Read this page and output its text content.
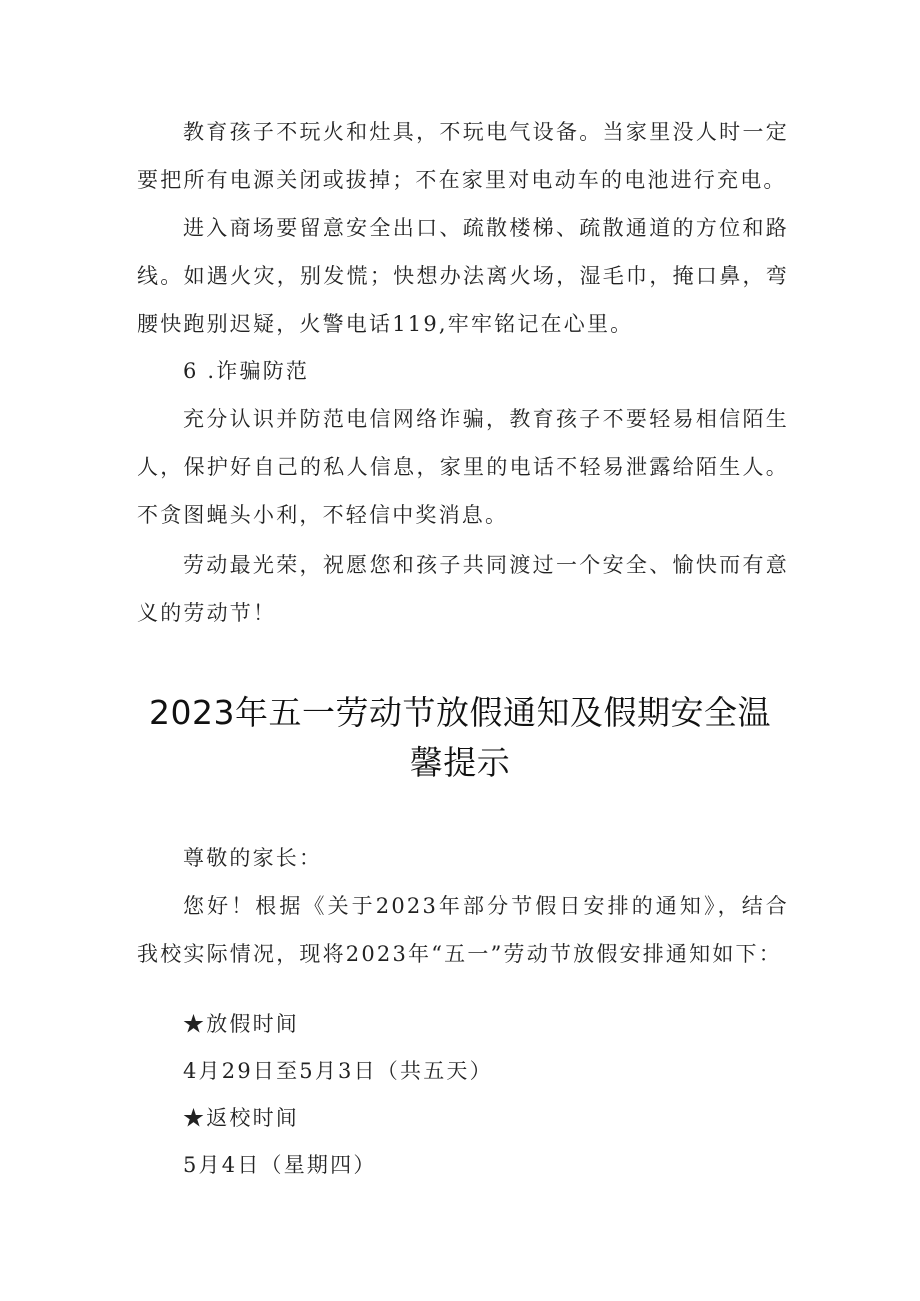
教育孩子不玩火和灶具，不玩电气设备。当家里没人时一定要把所有电源关闭或拔掉；不在家里对电动车的电池进行充电。

进入商场要留意安全出口、疏散楼梯、疏散通道的方位和路线。如遇火灾，别发慌；快想办法离火场，湿毛巾，掩口鼻，弯腰快跑别迟疑，火警电话119,牢牢铭记在心里。

6 .诈骗防范

充分认识并防范电信网络诈骗，教育孩子不要轻易相信陌生人，保护好自己的私人信息，家里的电话不轻易泄露给陌生人。不贪图蝇头小利，不轻信中奖消息。

劳动最光荣，祝愿您和孩子共同渡过一个安全、愉快而有意义的劳动节！

2023年五一劳动节放假通知及假期安全温
馨提示

尊敬的家长：

您好！根据《关于2023年部分节假日安排的通知》，结合我校实际情况，现将2023年“五一”劳动节放假安排通知如下：

★放假时间

4月29日至5月3日（共五天）

★返校时间

5月4日（星期四）
